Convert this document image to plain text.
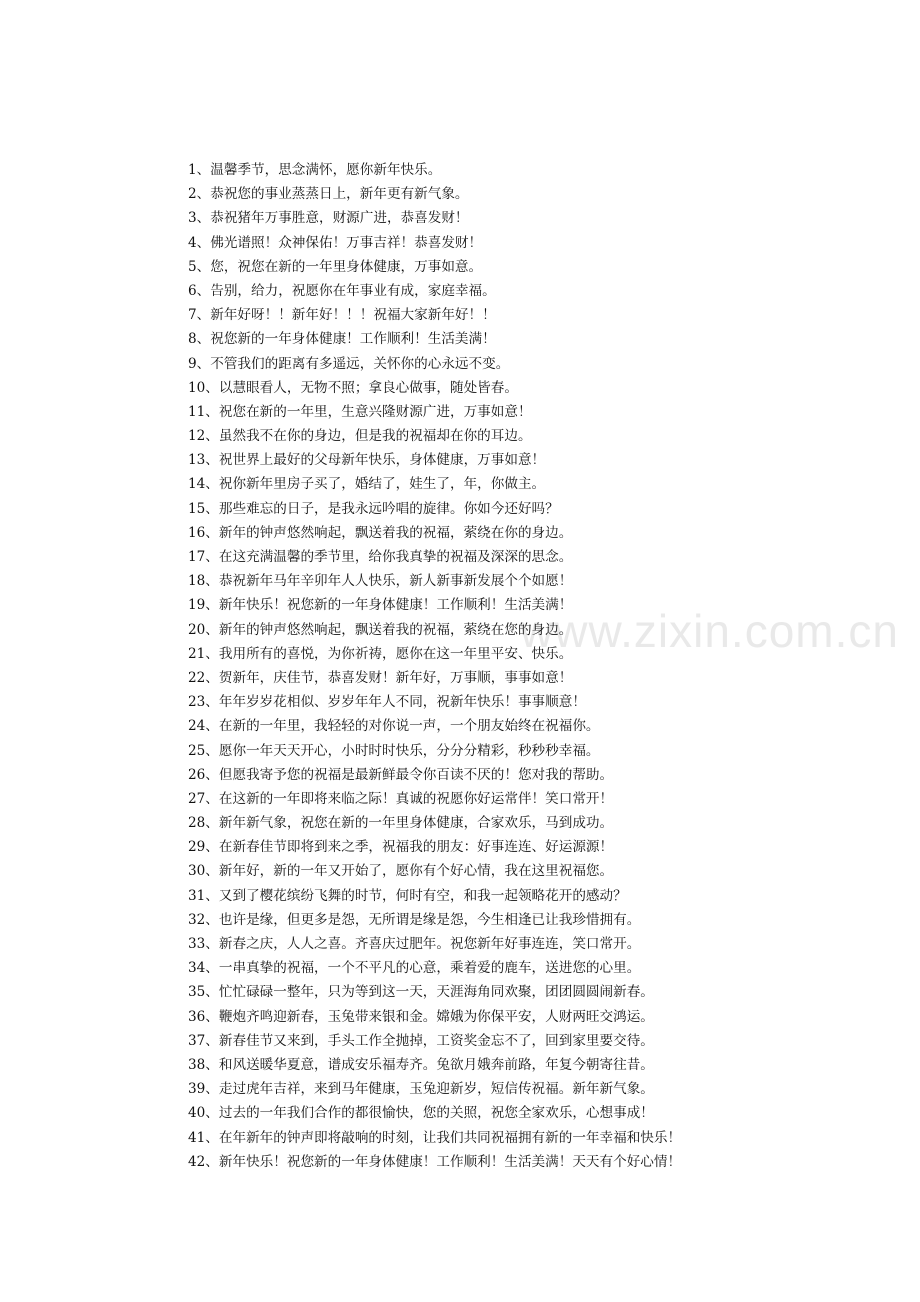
www.zixin.com.cn
1、温馨季节，思念满怀，愿你新年快乐。
2、恭祝您的事业蒸蒸日上，新年更有新气象。
3、恭祝猪年万事胜意，财源广进，恭喜发财！
4、佛光谱照！众神保佑！万事吉祥！恭喜发财！
5、您，祝您在新的一年里身体健康，万事如意。
6、告别，给力，祝愿你在年事业有成，家庭幸福。
7、新年好呀！！新年好！！！祝福大家新年好！！
8、祝您新的一年身体健康！工作顺利！生活美满！
9、不管我们的距离有多遥远，关怀你的心永远不变。
10、以慧眼看人，无物不照；拿良心做事，随处皆春。
11、祝您在新的一年里，生意兴隆财源广进，万事如意！
12、虽然我不在你的身边，但是我的祝福却在你的耳边。
13、祝世界上最好的父母新年快乐，身体健康，万事如意！
14、祝你新年里房子买了，婚结了，娃生了，年，你做主。
15、那些难忘的日子，是我永远吟唱的旋律。你如今还好吗？
16、新年的钟声悠然响起，飘送着我的祝福，萦绕在你的身边。
17、在这充满温馨的季节里，给你我真挚的祝福及深深的思念。
18、恭祝新年马年辛卯年人人快乐，新人新事新发展个个如愿！
19、新年快乐！祝您新的一年身体健康！工作顺利！生活美满！
20、新年的钟声悠然响起，飘送着我的祝福，萦绕在您的身边。
21、我用所有的喜悦，为你祈祷，愿你在这一年里平安、快乐。
22、贺新年，庆佳节，恭喜发财！新年好，万事顺，事事如意！
23、年年岁岁花相似、岁岁年年人不同，祝新年快乐！事事顺意！
24、在新的一年里，我轻轻的对你说一声，一个朋友始终在祝福你。
25、愿你一年天天开心，小时时时快乐，分分分精彩，秒秒秒幸福。
26、但愿我寄予您的祝福是最新鲜最令你百读不厌的！您对我的帮助。
27、在这新的一年即将来临之际！真诚的祝愿你好运常伴！笑口常开！
28、新年新气象，祝您在新的一年里身体健康，合家欢乐，马到成功。
29、在新春佳节即将到来之季，祝福我的朋友：好事连连、好运源源！
30、新年好，新的一年又开始了，愿你有个好心情，我在这里祝福您。
31、又到了樱花缤纷飞舞的时节，何时有空，和我一起领略花开的感动？
32、也许是缘，但更多是怨，无所谓是缘是怨，今生相逢已让我珍惜拥有。
33、新春之庆，人人之喜。齐喜庆过肥年。祝您新年好事连连，笑口常开。
34、一串真挚的祝福，一个不平凡的心意，乘着爱的鹿车，送进您的心里。
35、忙忙碌碌一整年，只为等到这一天，天涯海角同欢聚，团团圆圆闹新春。
36、鞭炮齐鸣迎新春，玉兔带来银和金。嫦娥为你保平安，人财两旺交鸿运。
37、新春佳节又来到，手头工作全抛掉，工资奖金忘不了，回到家里要交待。
38、和风送暖华夏意，谱成安乐福寿齐。兔欲月娥奔前路，年复今朝寄往昔。
39、走过虎年吉祥，来到马年健康，玉兔迎新岁，短信传祝福。新年新气象。
40、过去的一年我们合作的都很愉快，您的关照，祝您全家欢乐，心想事成！
41、在年新年的钟声即将敲响的时刻，让我们共同祝福拥有新的一年幸福和快乐！
42、新年快乐！祝您新的一年身体健康！工作顺利！生活美满！天天有个好心情！
